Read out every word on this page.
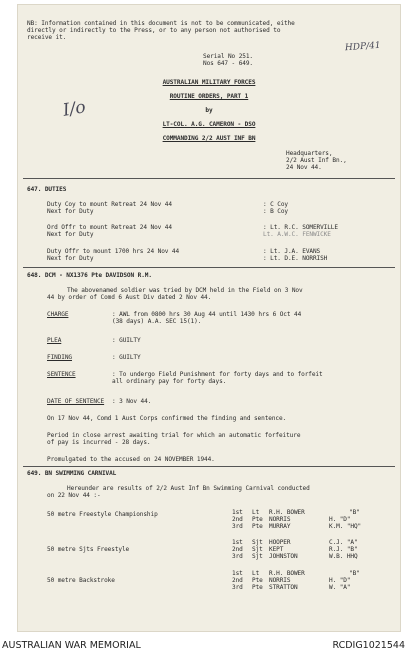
NB: Information contained in this document is not to be communicated, eithe
directly or indirectly to the Press, or to any person not authorised to
receive it.
HDP/41
Serial No 251.
Nos 647 - 649.
I/o
AUSTRALIAN MILITARY FORCES
ROUTINE ORDERS, PART 1
by
LT-COL. A.G. CAMERON - DSO
COMMANDING 2/2 AUST INF BN
Headquarters,
2/2 Aust Inf Bn.,
24 Nov 44.
647. DUTIES
Duty Coy to mount Retreat 24 Nov 44	: C Coy
Next for Duty	: B Coy
Ord Offr to mount Retreat 24 Nov 44	: Lt. R.C. SOMERVILLE
Next for Duty	Lt. A.W.C. FENWICKE
Duty Offr to mount 1700 hrs 24 Nov 44	: Lt. J.A. EVANS
Next for Duty	: Lt. D.E. NORRISH
648. DCM - NX1376 Pte DAVIDSON R.M.
The abovenamed soldier was tried by DCM held in the Field on 3 Nov
44 by order of Comd 6 Aust Div dated 2 Nov 44.
CHARGE	: AWL from 0800 hrs 30 Aug 44 until 1430 hrs 6 Oct 44
(38 days) A.A. SEC 15(1).
PLEA	: GUILTY
FINDING	: GUILTY
SENTENCE	: To undergo Field Punishment for forty days and to forfeit
all ordinary pay for forty days.
DATE OF SENTENCE : 3 Nov 44.
On 17 Nov 44, Comd 1 Aust Corps confirmed the finding and sentence.
Period in close arrest awaiting trial for which an automatic forfeiture
of pay is incurred - 28 days.
Promulgated to the accused on 24 NOVEMBER 1944.
649. BN SWIMMING CARNIVAL
Hereunder are results of 2/2 Aust Inf Bn Swimming Carnival conducted
on 22 Nov 44 :-
50 metre Freestyle Championship	1st Lt R.H. BOWER	"B"
2nd Pte NORRIS	H. "D"
3rd Pte MURRAY	K.M. "HQ"
50 metre Sjts Freestyle
1st Sjt HOOPER	C.J. "A"
2nd Sjt KEPT	R.J. "B"
3rd Sjt JOHNSTON	W.B. HHQ
50 metre Backstroke
1st Lt R.H. BOWER	"B"
2nd Pte NORRIS	H. "D"
3rd Pte STRATTON	W. "A"
AUSTRALIAN WAR MEMORIAL	RCDIG1021544
